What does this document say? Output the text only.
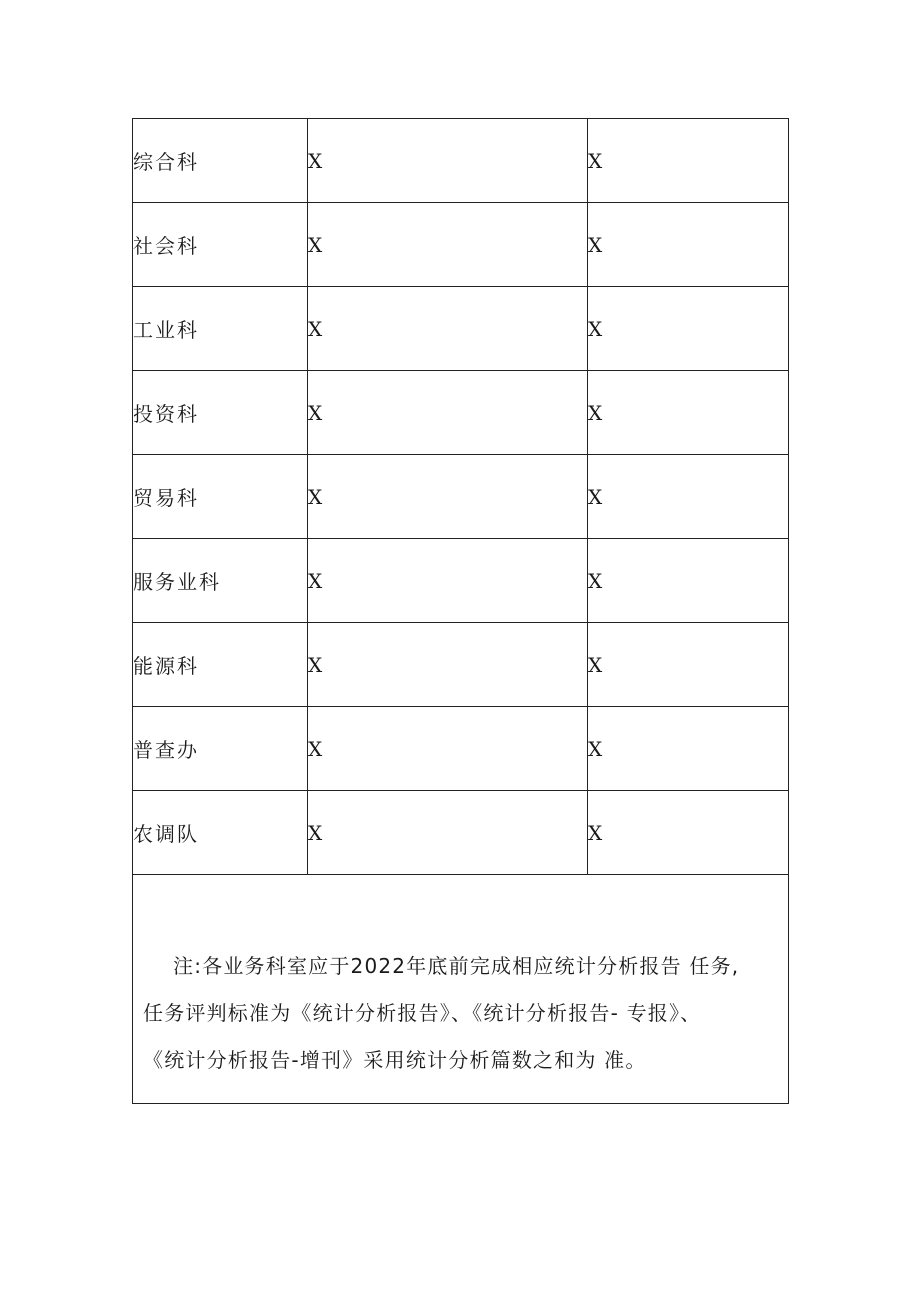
综合科	X	X
社会科	X	X
工业科	X	X
投资科	X	X
贸易科	X	X
服务业科	X	X
能源科	X	X
普查办	X	X
农调队	X	X

注:各业务科室应于2022年底前完成相应统计分析报告 任务,
任务评判标准为《统计分析报告》、《统计分析报告- 专报》、
《统计分析报告-增刊》采用统计分析篇数之和为 准。		
